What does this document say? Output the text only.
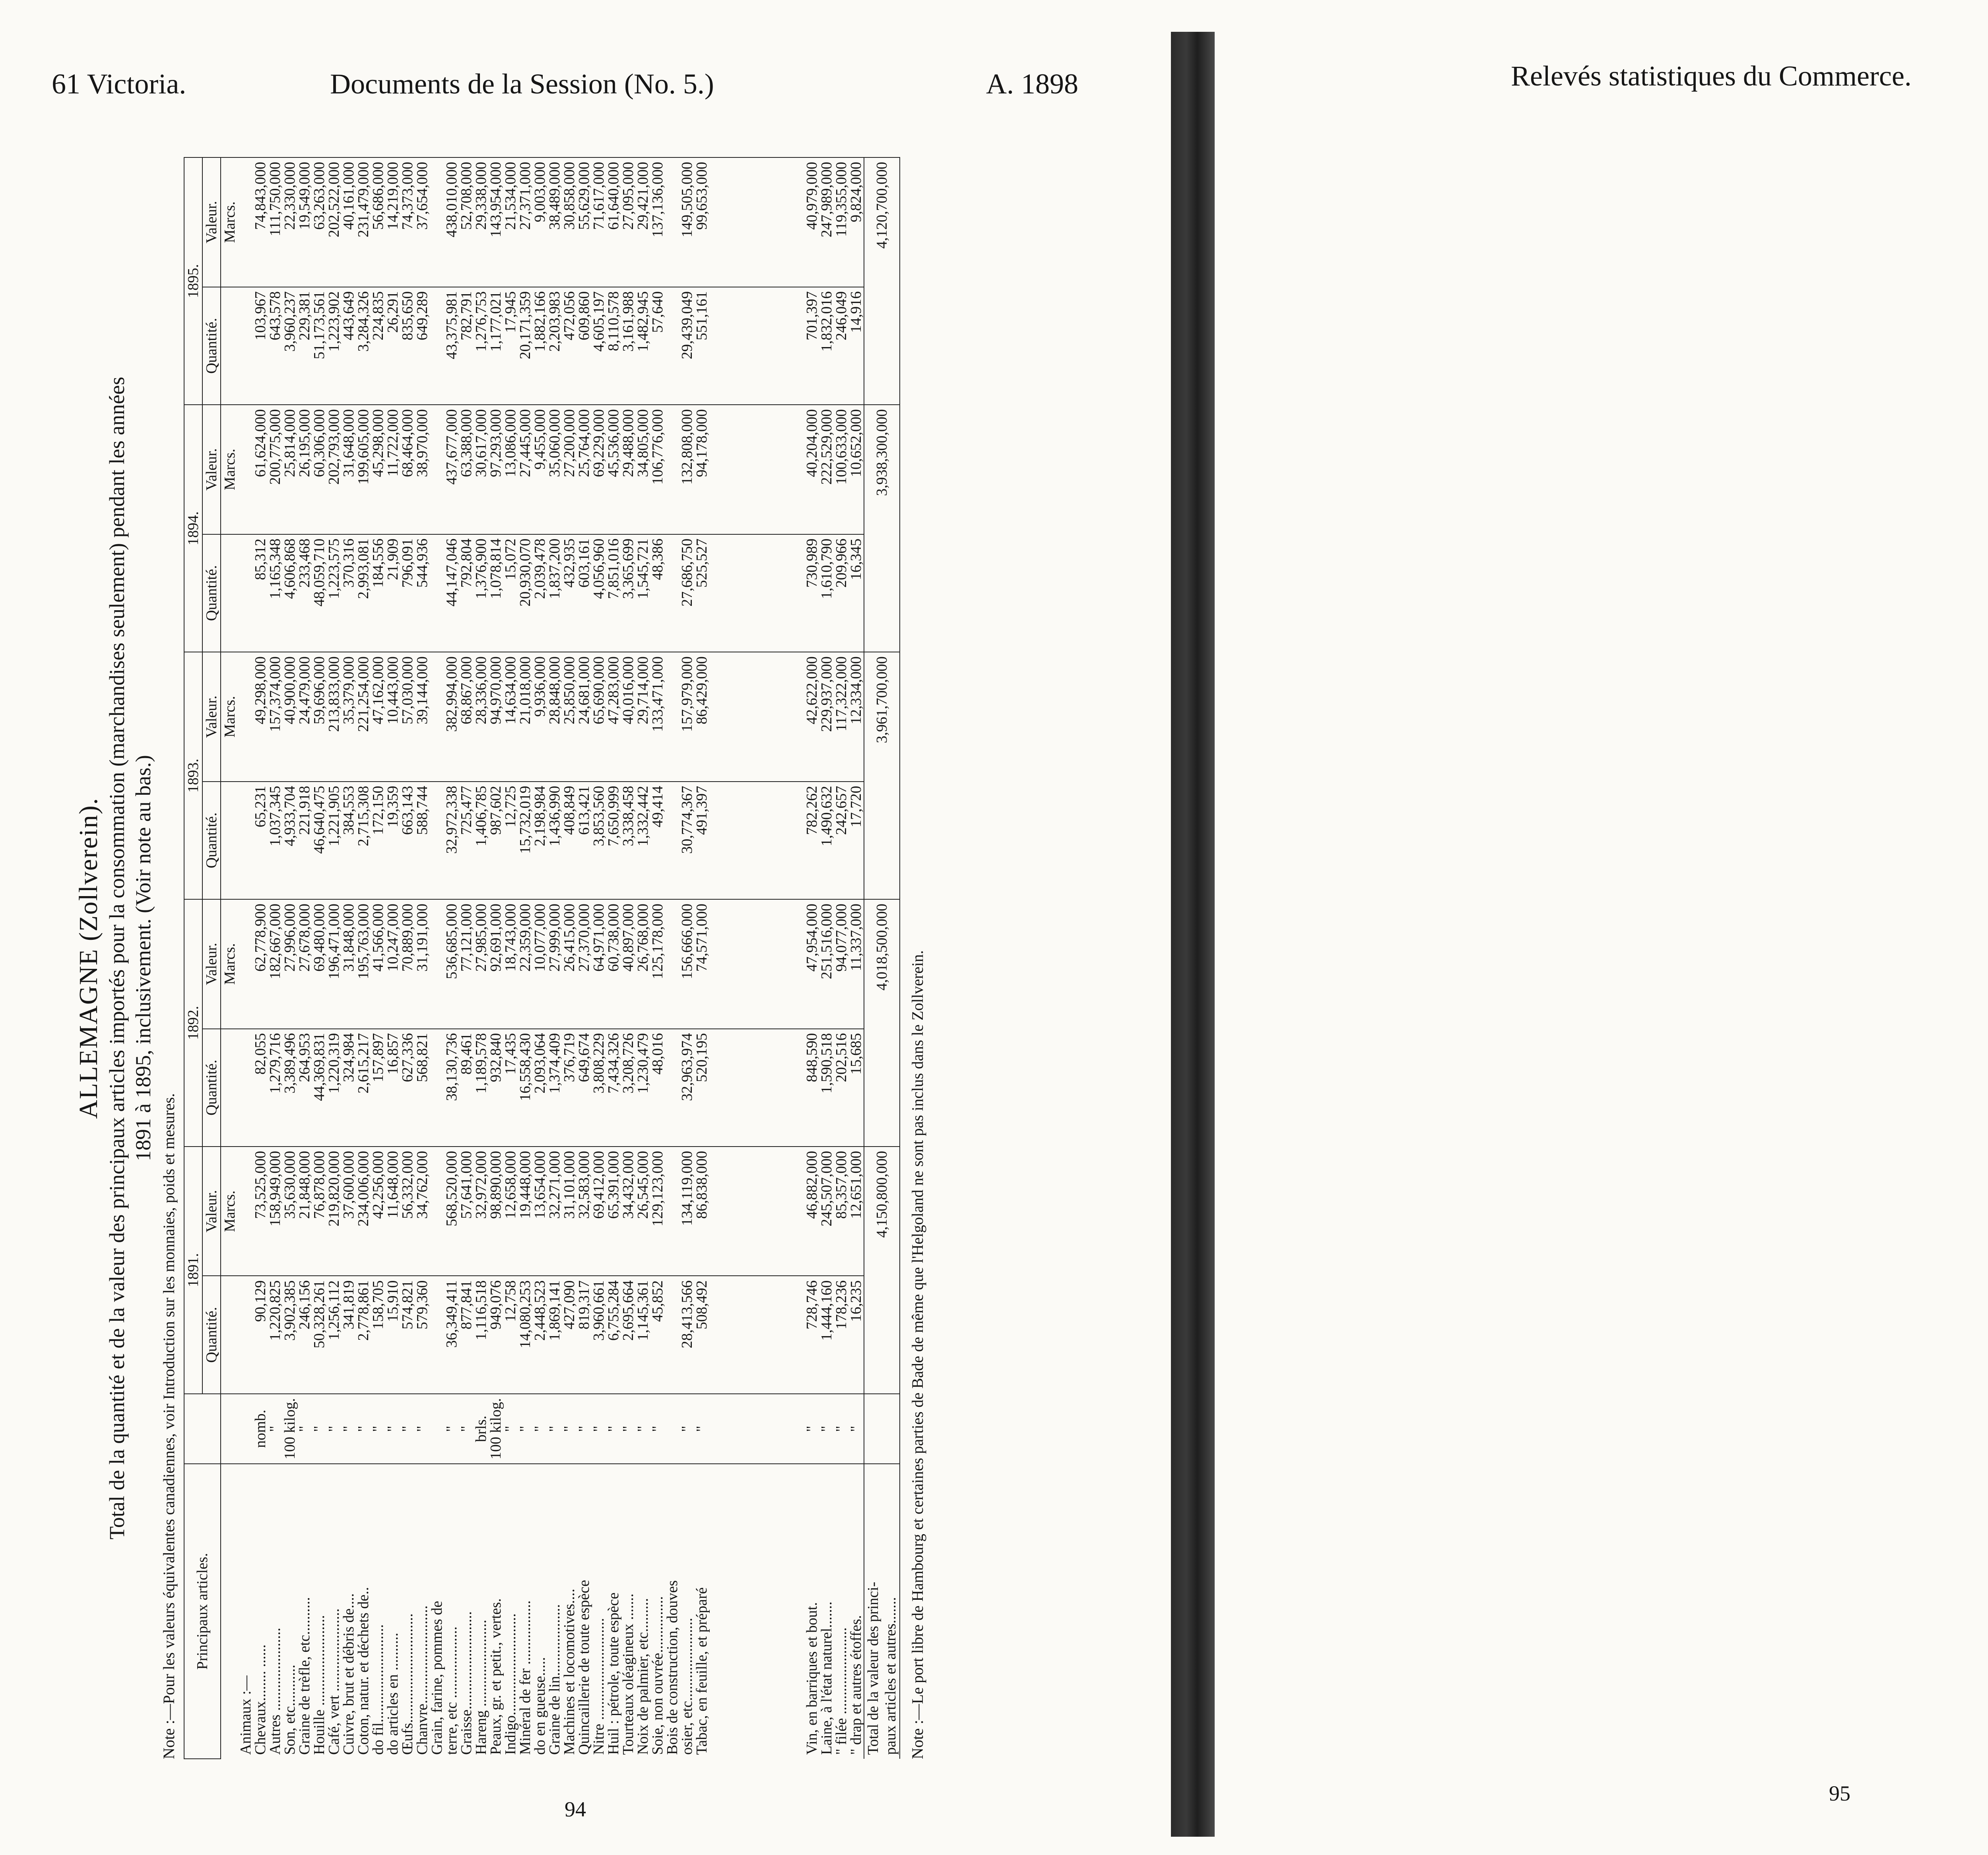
61 Victoria.	Documents de la Session (No. 5.)	A. 1898	Relevés statistiques du Commerce.
94
95
ALLEMAGNE (Zollverein). Total de la quantité et de la valeur des principaux articles importés pour la consommation (marchandises seulement) pendant les années 1891 à 1895, inclusivement. (Voir note au bas.)
Note :—Pour les valeurs équivalentes canadiennes, voir Introduction sur les monnaies, poids et mesures. Principaux articles.		1891.		1892.		1893.		1894.		1895.	
		Quantité.	Valeur.	Quantité.	Valeur.	Quantité.	Valeur.	Quantité.	Valeur.	Quantité.	Valeur.
			Marcs.		Marcs.		Marcs.		Marcs.		Marcs.
Animaux :—											
Chevaux........ ......	nomb.	90,129	73,525,000	82,055	62,778,900	65,231	49,298,000	85,312	61,624,000	103,967	74,843,000
Autres ......................	"	1,220,825	158,949,000	1,279,716	182,667,000	1,037,345	157,374,000	1,165,348	200,775,000	643,578	111,750,000
Son, etc...........	100 kilog.	3,902,385	35,630,000	3,389,496	27,996,000	4,933,704	40,900,000	4,606,868	25,814,000	3,960,237	22,330,000
Graine de trèfle, etc..........	"	246,156	21,848,000	264,953	27,678,000	221,918	24,479,000	233,468	26,195,000	229,381	19,549,000
Houille ........................	"	50,328,261	76,878,000	44,369,831	69,480,000	46,640,475	59,696,000	48,059,710	60,306,000	51,173,561	63,263,000
Café, vert ......................	"	1,256,112	219,820,000	1,220,319	196,471,000	1,221,905	213,833,000	1,223,575	202,793,000	1,223,902	202,522,000
Cuivre, brut et débris de....	"	341,819	37,600,000	324,984	31,848,000	384,553	35,379,000	370,316	31,648,000	443,649	40,161,000
Coton, natur. et déchets de..	"	2,778,861	234,006,000	2,615,217	195,763,000	2,715,308	221,254,000	2,993,081	199,605,000	3,284,326	231,479,000
do fil..........................	"	158,705	42,256,000	157,897	41,566,000	172,150	47,162,000	184,556	45,298,000	224,835	56,686,000
do articles en ..........	"	15,910	11,648,000	16,857	10,247,000	19,359	10,443,000	21,909	11,722,000	26,291	14,219,000
Œufs.............................	"	574,821	56,332,000	627,336	70,889,000	663,143	57,030,000	796,091	68,464,000	835,650	74,373,000
Chanvre..........................	"	579,360	34,762,000	568,821	31,191,000	588,744	39,144,000	544,936	38,970,000	649,289	37,654,000
Grain, farine, pommes de											
terre, etc ...................	"	36,349,411	568,520,000	38,130,736	536,685,000	32,972,338	382,994,000	44,147,046	437,677,000	43,375,981	438,010,000
Graisse..........................	"	877,841	57,641,000	89,461	77,121,000	725,477	68,867,000	792,804	63,388,000	782,791	52,708,000
Hareng .......................	brls.	1,116,518	32,972,000	1,189,578	27,985,000	1,406,785	28,336,000	1,376,900	30,617,000	1,276,753	29,338,000
Peaux, gr. et petit., vertes.	100 kilog.	949,076	98,890,000	932,840	92,691,000	987,602	94,970,000	1,078,814	97,293,000	1,177,021	143,954,000
Indigo...........................	"	12,758	12,658,000	17,435	18,743,000	12,725	14,634,000	15,072	13,086,000	17,945	21,534,000
Minéral de fer .................	"	14,080,253	19,448,000	16,558,430	22,359,000	15,732,019	21,018,000	20,930,070	27,445,000	20,171,359	27,371,000
do en gueuse.....	"	2,448,523	13,654,000	2,093,064	10,077,000	2,198,984	9,936,000	2,039,478	9,455,000	1,882,166	9,003,000
Graine de lin...................	"	1,869,141	32,271,000	1,374,409	27,999,000	1,436,990	28,848,000	1,837,200	35,060,000	2,203,983	38,489,000
Machines et locomotives....	"	427,090	31,101,000	376,719	26,415,000	408,849	25,850,000	432,935	27,200,000	472,056	30,858,000
Quincaillerie de toute espèce	"	819,317	32,583,000	649,674	27,370,000	613,421	24,681,000	603,161	25,764,000	609,860	55,629,000
Nitre ...........................	"	3,960,661	69,412,000	3,808,229	64,971,000	3,853,560	65,690,000	4,056,960	69,229,000	4,605,197	71,617,000
Huil : pétrole, toute espèce	"	6,755,284	65,391,000	7,434,326	60,738,000	7,650,999	47,283,000	7,851,016	45,536,000	8,110,578	61,640,000
Tourteaux oléagineux .......	"	2,695,664	34,432,000	3,208,726	40,897,000	3,338,458	40,016,000	3,365,699	29,488,000	3,161,988	27,095,000
Noix de palmier, etc.........	"	1,145,361	26,545,000	1,230,479	26,768,000	1,332,442	29,714,000	1,545,721	34,805,000	1,482,945	29,421,000
Soie, non ouvrée...............	"	45,852	129,123,000	48,016	125,178,000	49,414	133,471,000	48,386	106,776,000	57,640	137,136,000
Bois de construction, douves											
osier, etc......................	"	28,413,566	134,119,000	32,963,974	156,666,000	30,774,367	157,979,000	27,686,750	132,808,000	29,439,049	149,505,000
Tabac, en feuille, et préparé	"	508,492	86,838,000	520,195	74,571,000	491,397	86,429,000	525,527	94,178,000	551,161	99,653,000

Vin, en barriques et bout.	"	728,746	46,882,000	848,590	47,954,000	782,262	42,622,000	730,989	40,204,000	701,397	40,979,000
Laine, à l'état naturel.......	"	1,444,160	245,507,000	1,590,518	251,516,000	1,490,632	229,937,000	1,610,790	222,529,000	1,832,016	247,989,000
" filée .......................	"	178,236	85,357,000	202,516	94,077,000	242,657	117,322,000	209,966	100,633,000	246,049	119,355,000
" drap et autres étoffes.	"	16,235	12,651,000	15,685	11,337,000	17,720	12,334,000	16,345	10,652,000	14,916	9,824,000

Total de la valeur des princi- paux articles et autres.......		4,150,800,000		4,018,500,000		3,961,700,000		3,938,300,000		4,120,700,000	
Note :—Le port libre de Hambourg et certaines parties de Bade de même que l'Helgoland ne sont pas inclus dans le Zollverein.
